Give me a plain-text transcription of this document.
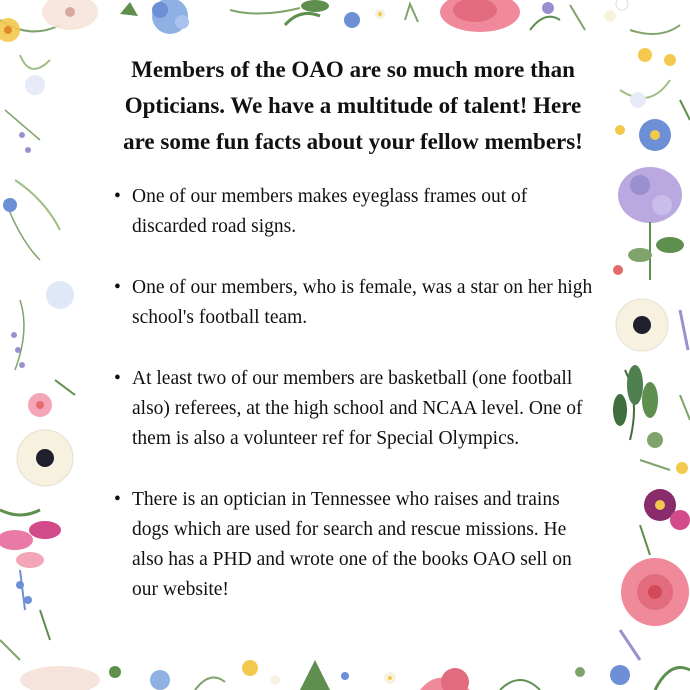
Members of the OAO are so much more than Opticians. We have a multitude of talent! Here are some fun facts about your fellow members!
• One of our members makes eyeglass frames out of discarded road signs.
• One of our members, who is female, was a star on her high school's football team.
• At least two of our members are basketball (one football also) referees, at the high school and NCAA level. One of them is also a volunteer ref for Special Olympics.
• There is an optician in Tennessee who raises and trains dogs which are used for search and rescue missions. He also has a PHD and wrote one of the books OAO sell on our website!
